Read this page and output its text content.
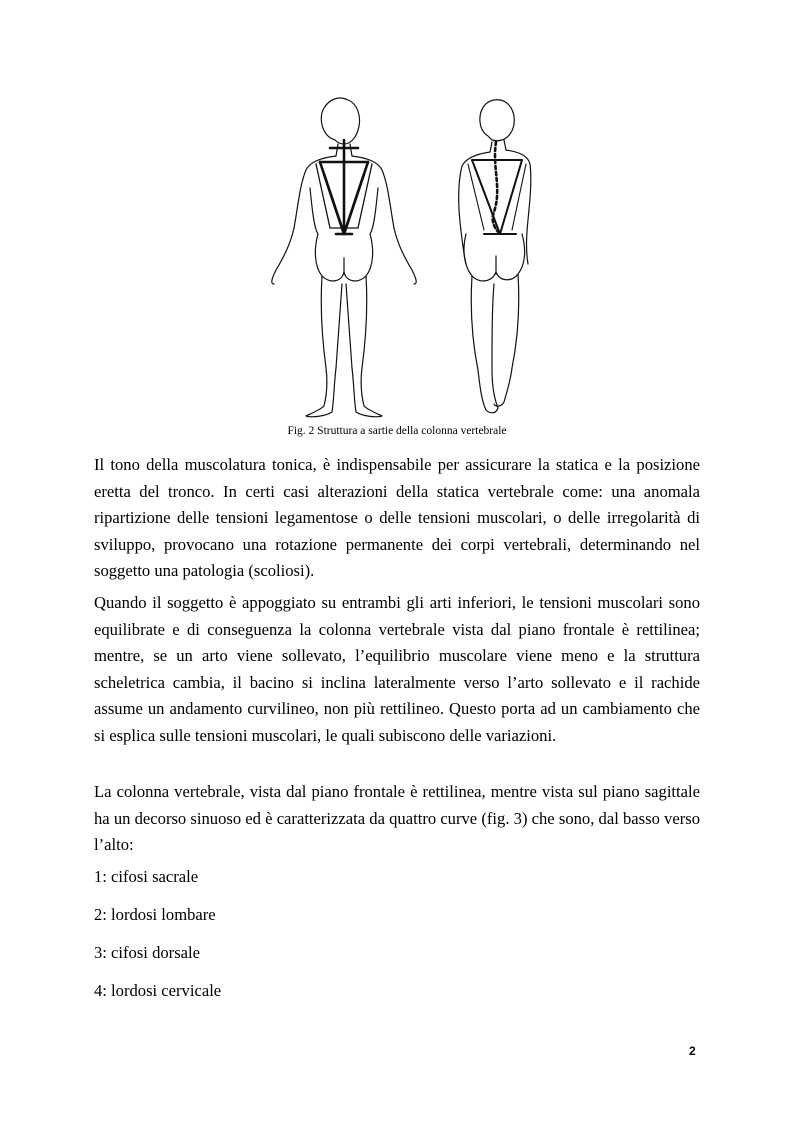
Fig. 2 Struttura a sartie della colonna vertebrale

Il tono della muscolatura tonica, è indispensabile per assicurare la statica e la posizione eretta del tronco. In certi casi alterazioni della statica vertebrale come: una anomala ripartizione delle tensioni legamentose o delle tensioni muscolari, o delle irregolarità di sviluppo, provocano una rotazione permanente dei corpi vertebrali, determinando nel soggetto una patologia (scoliosi).

Quando il soggetto è appoggiato su entrambi gli arti inferiori, le tensioni muscolari sono equilibrate e di conseguenza la colonna vertebrale vista dal piano frontale è rettilinea; mentre, se un arto viene sollevato, l’equilibrio muscolare viene meno e la struttura scheletrica cambia, il bacino si inclina lateralmente verso l’arto sollevato e il rachide assume un andamento curvilineo, non più rettilineo. Questo porta ad un cambiamento che si esplica sulle tensioni muscolari, le quali subiscono delle variazioni.

La colonna vertebrale, vista dal piano frontale è rettilinea, mentre vista sul piano sagittale ha un decorso sinuoso ed è caratterizzata da quattro curve (fig. 3) che sono, dal basso verso l’alto:

1: cifosi sacrale

2: lordosi lombare

3: cifosi dorsale

4: lordosi cervicale

2
